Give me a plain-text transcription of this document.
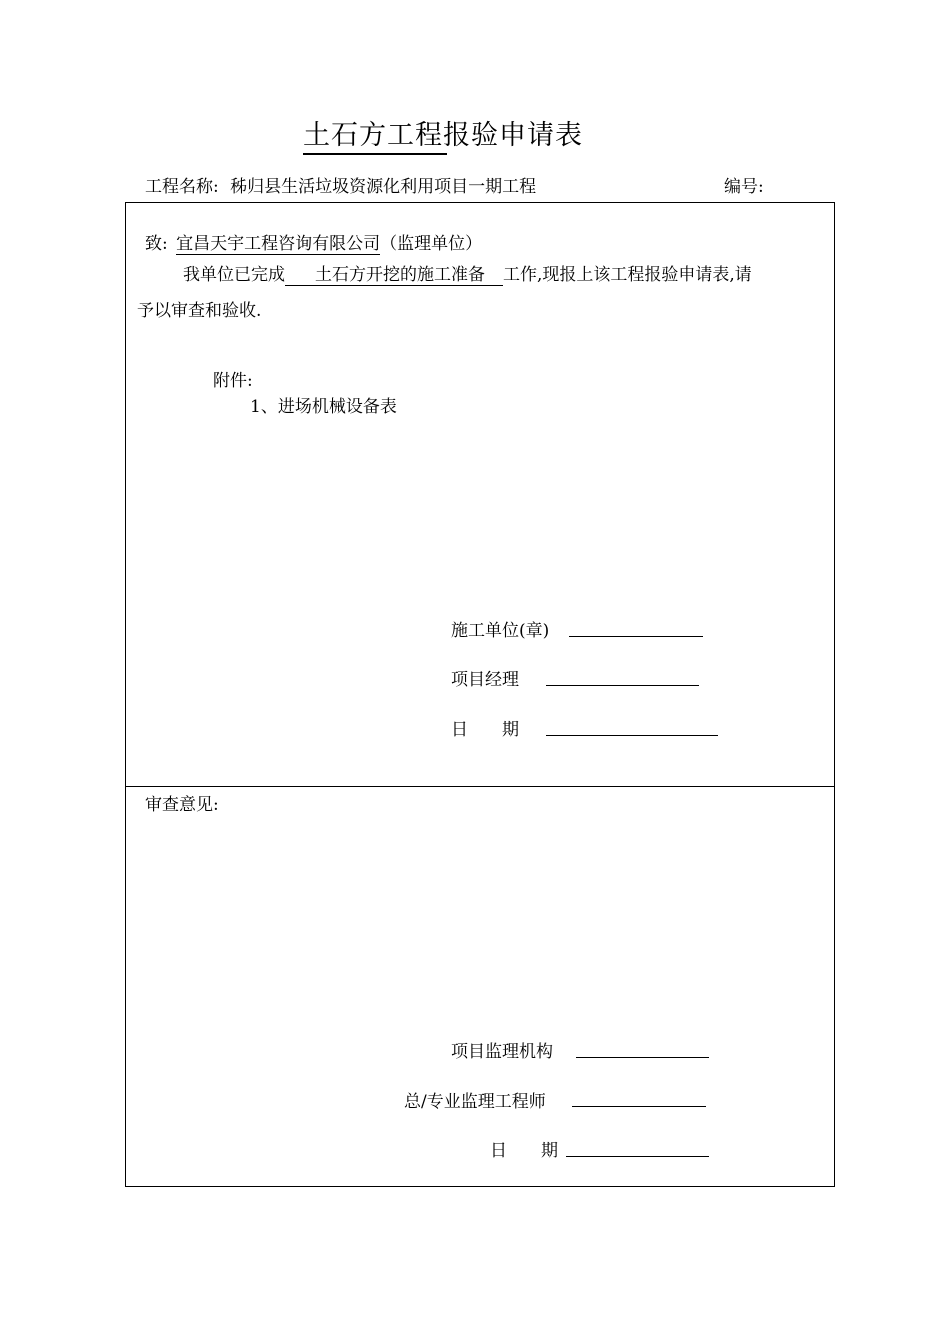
土石方工程报验申请表
工程名称: 秭归县生活垃圾资源化利用项目一期工程	编号:
致: 宜昌天宇工程咨询有限公司（监理单位）
我单位已完成 土石方开挖的施工准备 工作,现报上该工程报验申请表,请
予以审查和验收.
附件:
1、进场机械设备表
施工单位(章)
项目经理
日　　期
审查意见:
项目监理机构
总/专业监理工程师
日　　期
